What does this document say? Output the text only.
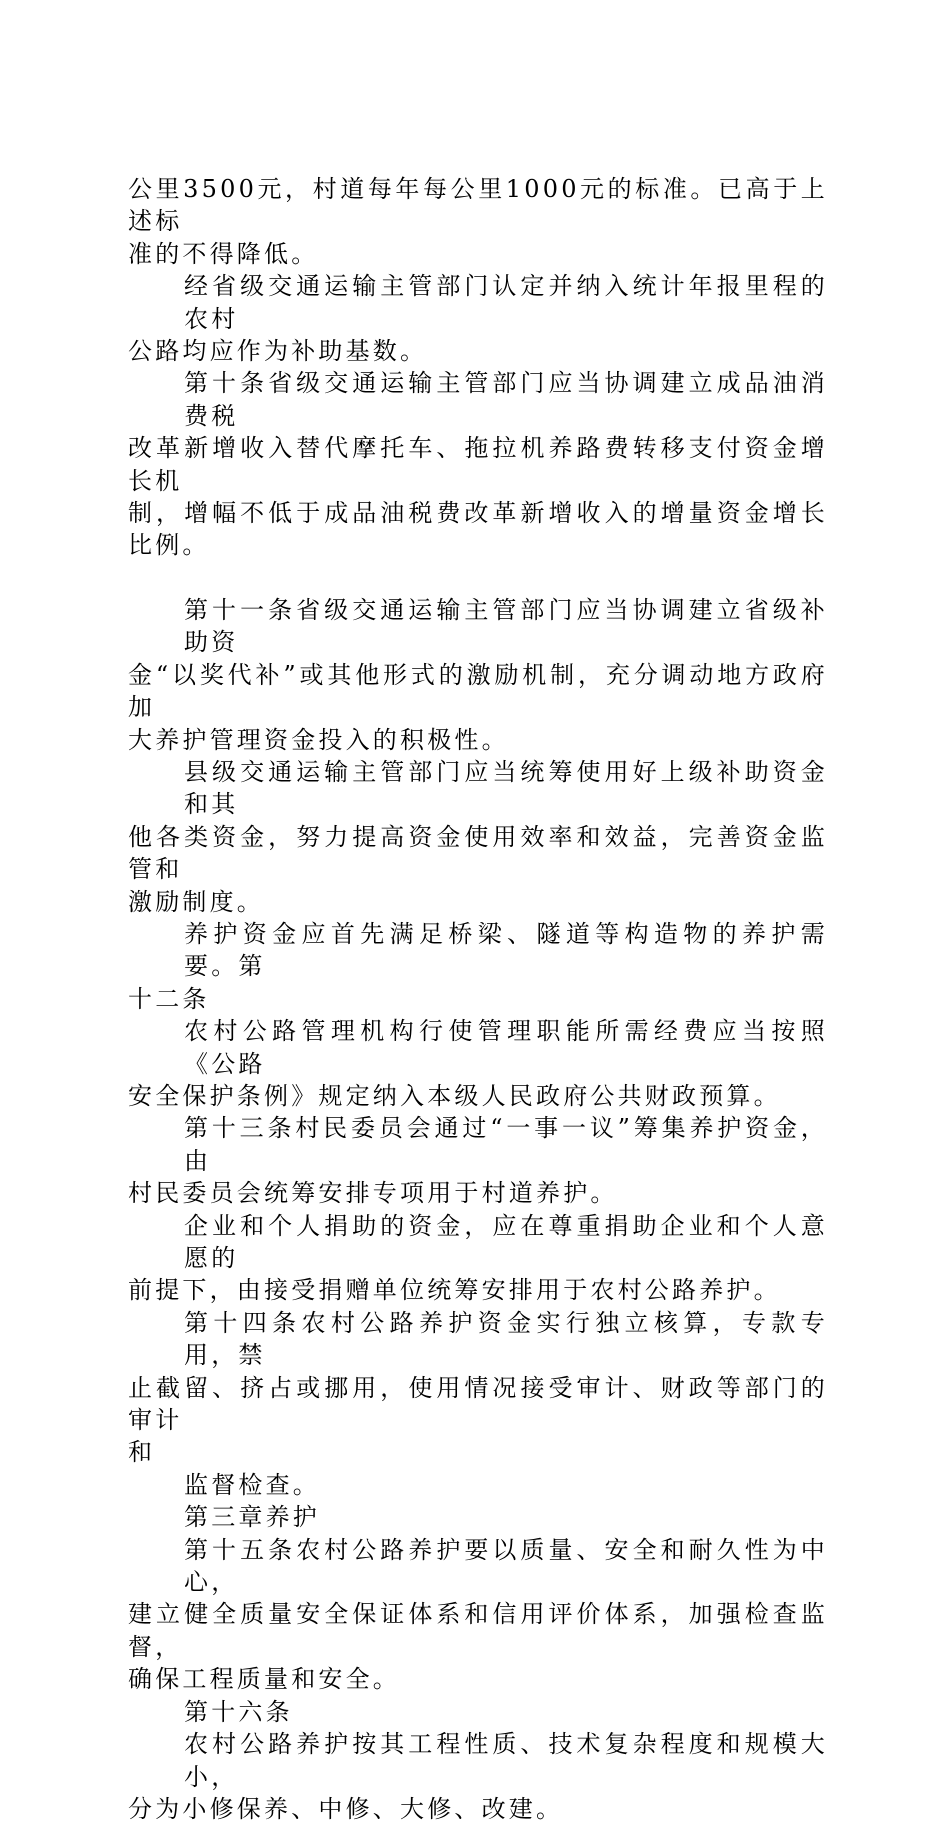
公里3500元，村道每年每公里1000元的标准。已高于上述标
准的不得降低。

经省级交通运输主管部门认定并纳入统计年报里程的农村
公路均应作为补助基数。

第十条省级交通运输主管部门应当协调建立成品油消费税
改革新增收入替代摩托车、拖拉机养路费转移支付资金增长机
制，增幅不低于成品油税费改革新增收入的增量资金增长比例。

第十一条省级交通运输主管部门应当协调建立省级补助资
金“以奖代补”或其他形式的激励机制，充分调动地方政府加
大养护管理资金投入的积极性。

县级交通运输主管部门应当统筹使用好上级补助资金和其
他各类资金，努力提高资金使用效率和效益，完善资金监管和
激励制度。

养护资金应首先满足桥梁、隧道等构造物的养护需要。第
十二条

农村公路管理机构行使管理职能所需经费应当按照《公路
安全保护条例》规定纳入本级人民政府公共财政预算。

第十三条村民委员会通过“一事一议”筹集养护资金，由
村民委员会统筹安排专项用于村道养护。

企业和个人捐助的资金，应在尊重捐助企业和个人意愿的
前提下，由接受捐赠单位统筹安排用于农村公路养护。

第十四条农村公路养护资金实行独立核算，专款专用，禁
止截留、挤占或挪用，使用情况接受审计、财政等部门的审计
和

监督检查。

第三章养护

第十五条农村公路养护要以质量、安全和耐久性为中心，
建立健全质量安全保证体系和信用评价体系，加强检查监督，
确保工程质量和安全。

第十六条

农村公路养护按其工程性质、技术复杂程度和规模大小，
分为小修保养、中修、大修、改建。
